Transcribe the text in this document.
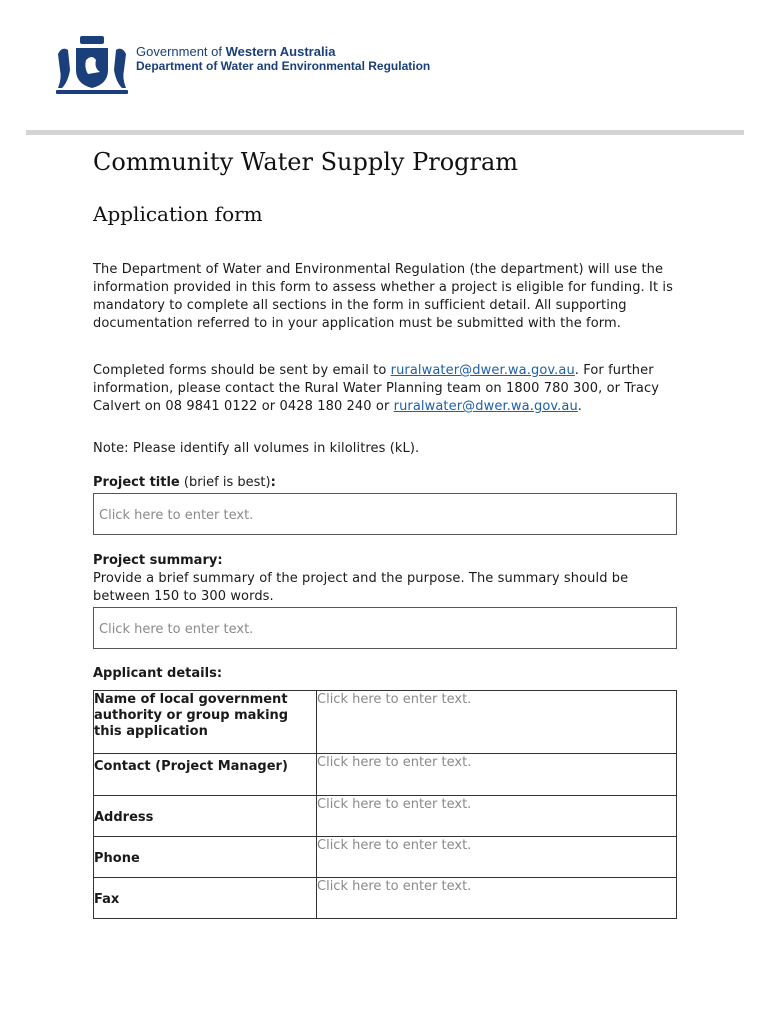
Government of Western Australia
Department of Water and Environmental Regulation
Community Water Supply Program
Application form
The Department of Water and Environmental Regulation (the department) will use the information provided in this form to assess whether a project is eligible for funding. It is mandatory to complete all sections in the form in sufficient detail. All supporting documentation referred to in your application must be submitted with the form.
Completed forms should be sent by email to ruralwater@dwer.wa.gov.au. For further information, please contact the Rural Water Planning team on 1800 780 300, or Tracy Calvert on 08 9841 0122 or 0428 180 240 or ruralwater@dwer.wa.gov.au.
Note: Please identify all volumes in kilolitres (kL).
Project title (brief is best):
Click here to enter text.
Project summary:
Provide a brief summary of the project and the purpose. The summary should be between 150 to 300 words.
Click here to enter text.
Applicant details:
Name of local government authority or group making this application	Click here to enter text.
Contact (Project Manager)	Click here to enter text.
Address	Click here to enter text.
Phone	Click here to enter text.
Fax	Click here to enter text.
